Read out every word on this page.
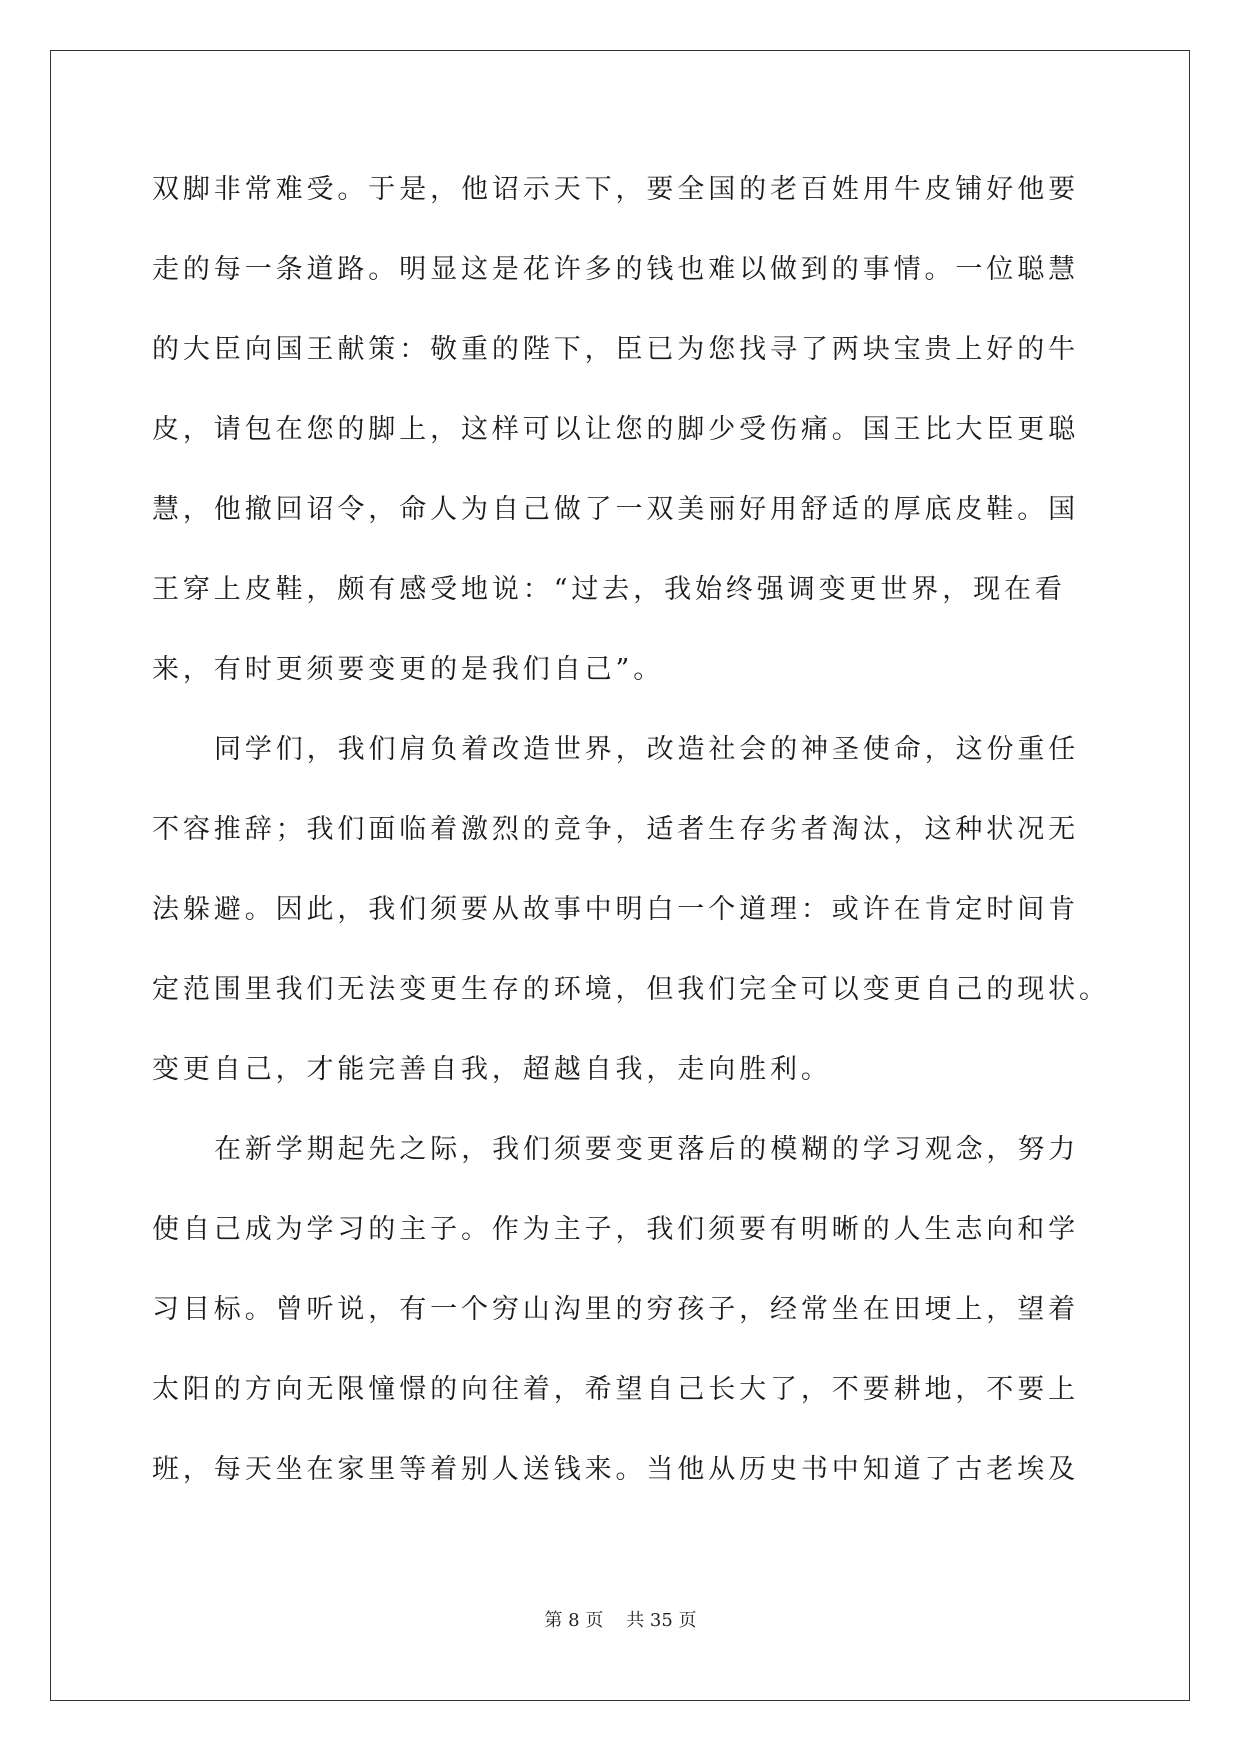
双脚非常难受。于是，他诏示天下，要全国的老百姓用牛皮铺好他要
走的每一条道路。明显这是花许多的钱也难以做到的事情。一位聪慧
的大臣向国王献策：敬重的陛下，臣已为您找寻了两块宝贵上好的牛
皮，请包在您的脚上，这样可以让您的脚少受伤痛。国王比大臣更聪
慧，他撤回诏令，命人为自己做了一双美丽好用舒适的厚底皮鞋。国
王穿上皮鞋，颇有感受地说：“过去，我始终强调变更世界，现在看
来，有时更须要变更的是我们自己”。
同学们，我们肩负着改造世界，改造社会的神圣使命，这份重任
不容推辞；我们面临着激烈的竞争，适者生存劣者淘汰，这种状况无
法躲避。因此，我们须要从故事中明白一个道理：或许在肯定时间肯
定范围里我们无法变更生存的环境，但我们完全可以变更自己的现状。
变更自己，才能完善自我，超越自我，走向胜利。
在新学期起先之际，我们须要变更落后的模糊的学习观念，努力
使自己成为学习的主子。作为主子，我们须要有明晰的人生志向和学
习目标。曾听说，有一个穷山沟里的穷孩子，经常坐在田埂上，望着
太阳的方向无限憧憬的向往着，希望自己长大了，不要耕地，不要上
班，每天坐在家里等着别人送钱来。当他从历史书中知道了古老埃及
第 8 页    共 35 页
